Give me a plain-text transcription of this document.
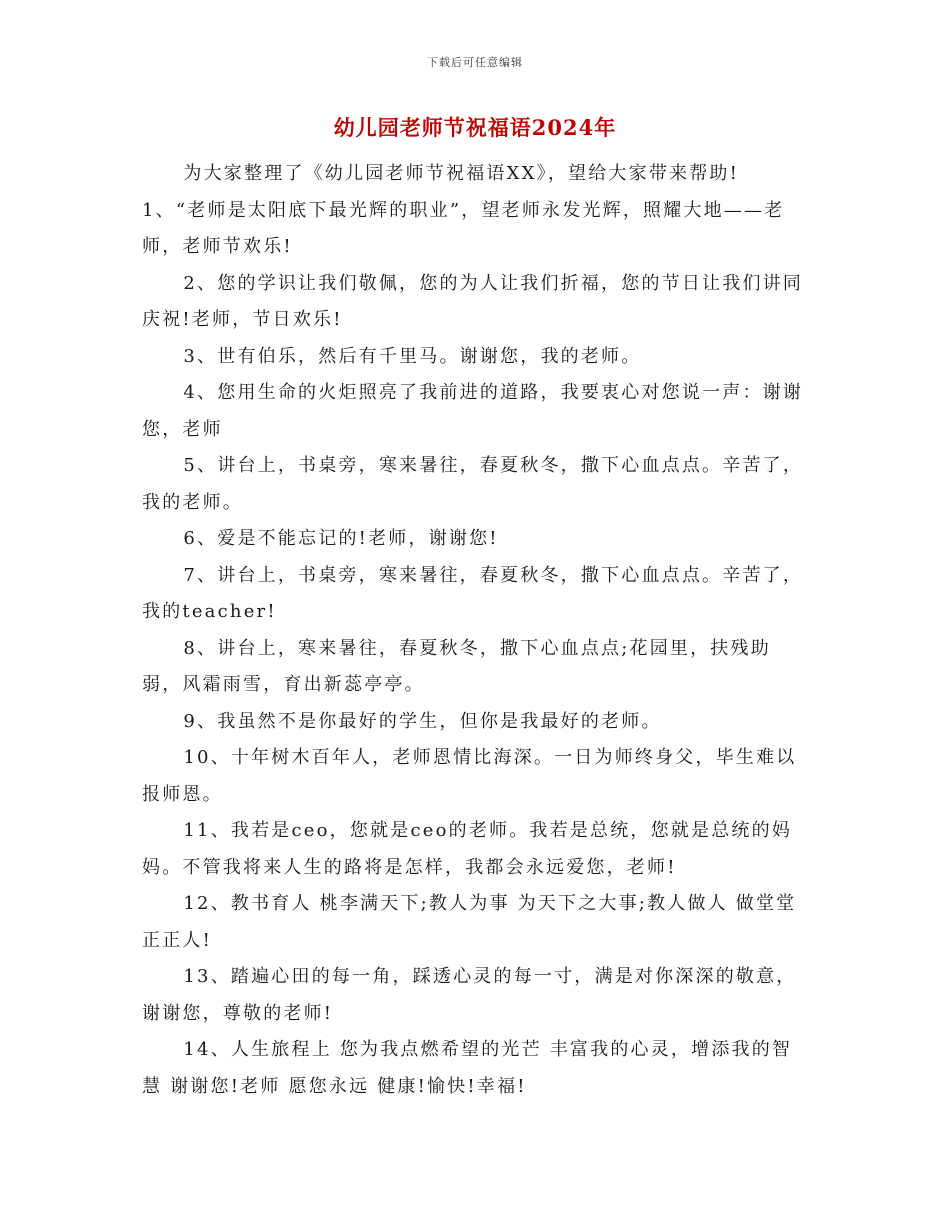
下载后可任意编辑
幼儿园老师节祝福语2024年

为大家整理了《幼儿园老师节祝福语XX》，望给大家带来帮助!

1、“老师是太阳底下最光辉的职业”，望老师永发光辉，照耀大地——老师，老师节欢乐!

2、您的学识让我们敬佩，您的为人让我们折福，您的节日让我们讲同庆祝!老师，节日欢乐!

3、世有伯乐，然后有千里马。谢谢您，我的老师。

4、您用生命的火炬照亮了我前进的道路，我要衷心对您说一声：谢谢您，老师

5、讲台上，书桌旁，寒来暑往，春夏秋冬，撒下心血点点。辛苦了，我的老师。

6、爱是不能忘记的!老师，谢谢您!

7、讲台上，书桌旁，寒来暑往，春夏秋冬，撒下心血点点。辛苦了，我的teacher!

8、讲台上，寒来暑往，春夏秋冬，撒下心血点点;花园里，扶残助弱，风霜雨雪，育出新蕊亭亭。

9、我虽然不是你最好的学生，但你是我最好的老师。

10、十年树木百年人，老师恩情比海深。一日为师终身父，毕生难以报师恩。

11、我若是ceo，您就是ceo的老师。我若是总统，您就是总统的妈妈。不管我将来人生的路将是怎样，我都会永远爱您，老师!

12、教书育人 桃李满天下;教人为事 为天下之大事;教人做人 做堂堂正正人!

13、踏遍心田的每一角，踩透心灵的每一寸，满是对你深深的敬意，谢谢您，尊敬的老师!

14、人生旅程上 您为我点燃希望的光芒 丰富我的心灵，增添我的智慧 谢谢您!老师 愿您永远 健康!愉快!幸福!
